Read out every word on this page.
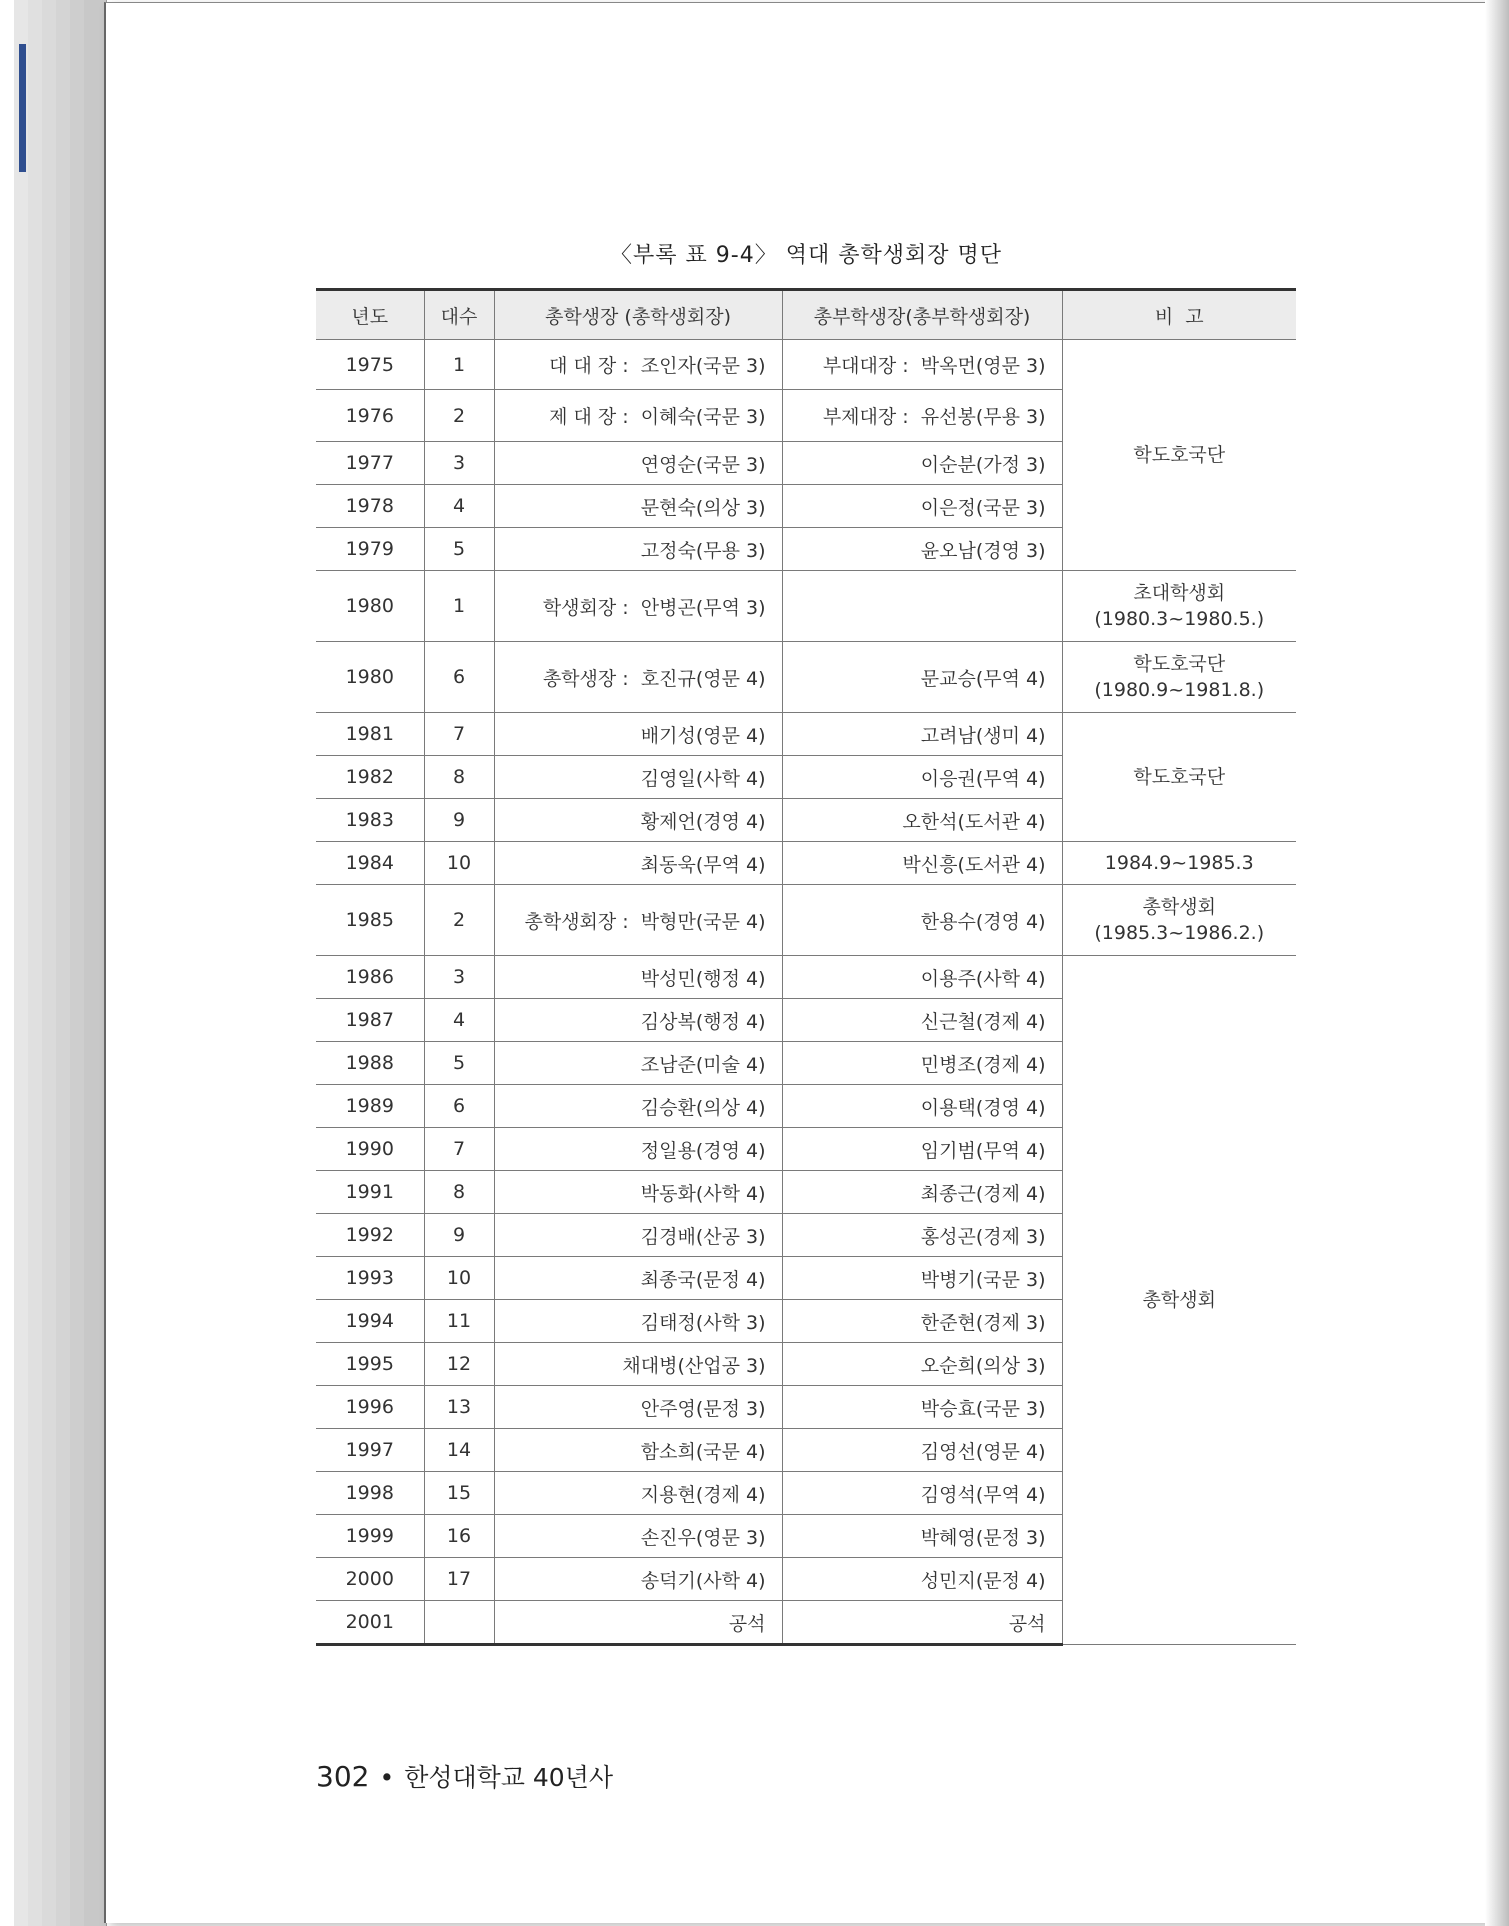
〈부록 표 9-4〉 역대 총학생회장 명단
년도	대수	총학생장 (총학생회장)	총부학생장(총부학생회장)	비  고
1975	1	대 대 장 :  조인자(국문 3)	부대대장 :  박옥먼(영문 3)	학도호국단
1976	2	제 대 장 :  이혜숙(국문 3)	부제대장 :  유선봉(무용 3)	
1977	3	연영순(국문 3)	이순분(가정 3)	
1978	4	문현숙(의상 3)	이은정(국문 3)	
1979	5	고정숙(무용 3)	윤오남(경영 3)	
1980	1	학생회장 :  안병곤(무역 3)		초대학생회
(1980.3~1980.5.)
1980	6	총학생장 :  호진규(영문 4)	문교승(무역 4)	학도호국단
(1980.9~1981.8.)
1981	7	배기성(영문 4)	고려남(생미 4)	학도호국단
1982	8	김영일(사학 4)	이응권(무역 4)	
1983	9	황제언(경영 4)	오한석(도서관 4)	
1984	10	최동욱(무역 4)	박신흥(도서관 4)	1984.9~1985.3
1985	2	총학생회장 :  박형만(국문 4)	한용수(경영 4)	총학생회
(1985.3~1986.2.)
1986	3	박성민(행정 4)	이용주(사학 4)	총학생회
1987	4	김상복(행정 4)	신근철(경제 4)	
1988	5	조남준(미술 4)	민병조(경제 4)	
1989	6	김승환(의상 4)	이용택(경영 4)	
1990	7	정일용(경영 4)	임기범(무역 4)	
1991	8	박동화(사학 4)	최종근(경제 4)	
1992	9	김경배(산공 3)	홍성곤(경제 3)	
1993	10	최종국(문정 4)	박병기(국문 3)	
1994	11	김태정(사학 3)	한준현(경제 3)	
1995	12	채대병(산업공 3)	오순희(의상 3)	
1996	13	안주영(문정 3)	박승효(국문 3)	
1997	14	함소희(국문 4)	김영선(영문 4)	
1998	15	지용현(경제 4)	김영석(무역 4)	
1999	16	손진우(영문 3)	박혜영(문정 3)	
2000	17	송덕기(사학 4)	성민지(문정 4)	
2001		공석	공석	
302 • 한성대학교 40년사
